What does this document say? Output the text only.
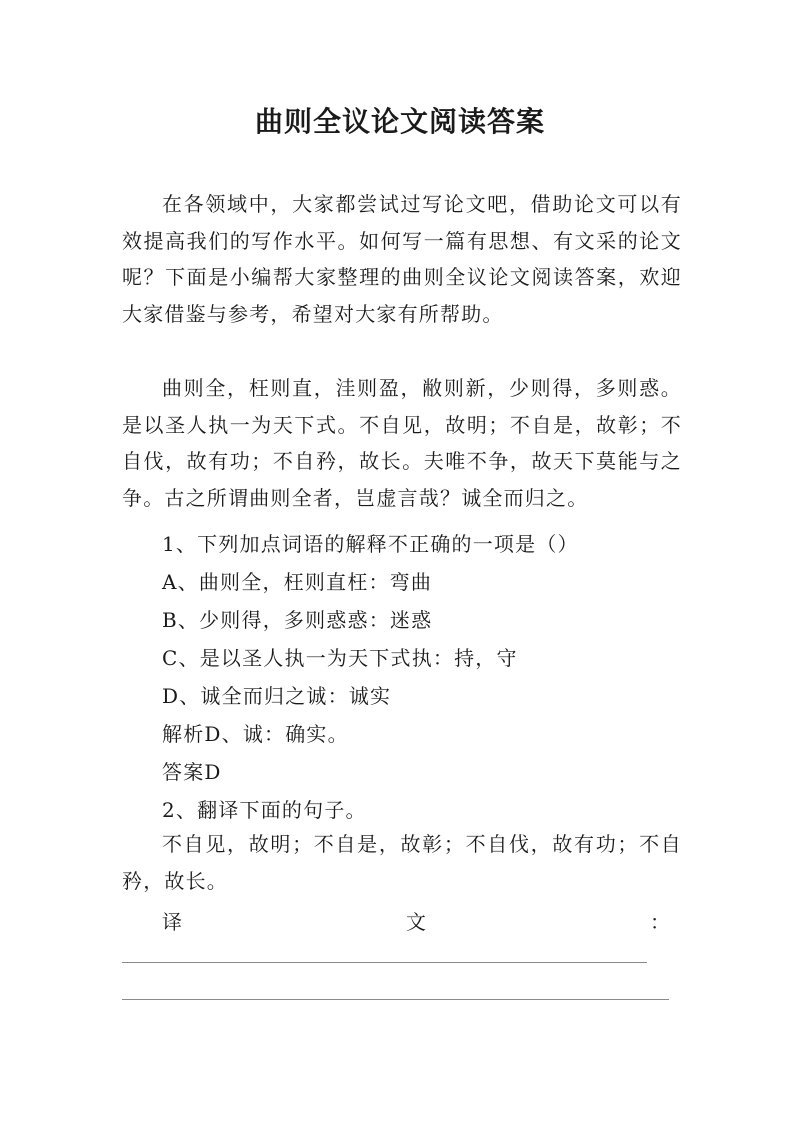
曲则全议论文阅读答案
在各领域中，大家都尝试过写论文吧，借助论文可以有效提高我们的写作水平。如何写一篇有思想、有文采的论文呢？下面是小编帮大家整理的曲则全议论文阅读答案，欢迎大家借鉴与参考，希望对大家有所帮助。
曲则全，枉则直，洼则盈，敝则新，少则得，多则惑。是以圣人执一为天下式。不自见，故明；不自是，故彰；不自伐，故有功；不自矜，故长。夫唯不争，故天下莫能与之争。古之所谓曲则全者，岂虚言哉？诚全而归之。
1、下列加点词语的解释不正确的一项是（）
A、曲则全，枉则直枉：弯曲
B、少则得，多则惑惑：迷惑
C、是以圣人执一为天下式执：持，守
D、诚全而归之诚：诚实
解析D、诚：确实。
答案D
2、翻译下面的句子。
不自见，故明；不自是，故彰；不自伐，故有功；不自矜，故长。
译	文	：
